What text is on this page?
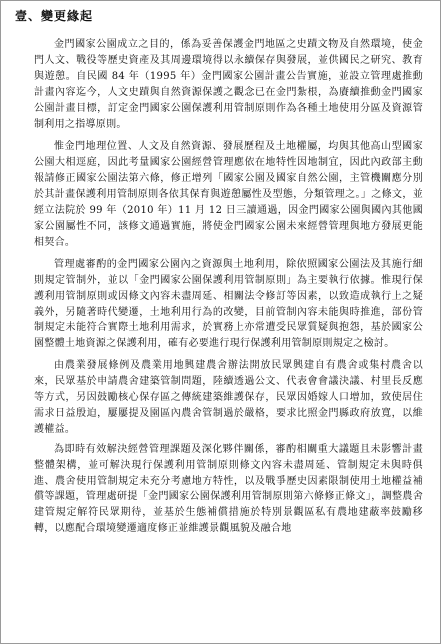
壹、變更緣起

金門國家公園成立之目的，係為妥善保護金門地區之史蹟文物及自然環境，使金門人文、戰役等歷史資產及其周邊環境得以永續保存與發展，並供國民之研究、教育與遊憩。自民國 84 年（1995 年）金門國家公園計畫公告實施，並設立管理處推動計畫內容迄今，人文史蹟與自然資源保護之觀念已在金門紮根，為賡續推動金門國家公園計畫目標，訂定金門國家公園保護利用管制原則作為各種土地使用分區及資源管制利用之指導原則。

惟金門地理位置、人文及自然資源、發展歷程及土地權屬，均與其他高山型國家公園大相逕庭，因此考量國家公園經營管理應依在地特性因地制宜，因此內政部主動報請修正國家公園法第六條，修正增列「國家公園及國家自然公園，主管機關應分別於其計畫保護利用管制原則各依其保育與遊憩屬性及型態，分類管理之。」之條文，並經立法院於 99 年（2010 年）11 月 12 日三讀通過，因金門國家公園與國內其他國家公園屬性不同，該修文通過實施，將使金門國家公園未來經營管理與地方發展更能相契合。

管理處審酌的金門國家公園內之資源與土地利用，除依照國家公園法及其施行細則規定管制外，並以「金門國家公園保護利用管制原則」為主要執行依據。惟現行保護利用管制原則或因條文內容未盡周延、相關法令修訂等因素，以致造成執行上之疑義外，另隨著時代變遷，土地利用行為的改變，目前管制內容未能與時推進，部份管制規定未能符合實際土地利用需求，於實務上亦常遭受民眾質疑與抱怨，基於國家公園整體土地資源之保護利用，確有必要進行現行保護利用管制原則規定之檢討。

由農業發展條例及農業用地興建農舍辦法開放民眾興建自有農舍或集村農舍以來，民眾基於申請農舍建築管制問題，陸續透過公文、代表會會議決議、村里長反應等方式，另因鼓勵核心保存區之傳統建築維護保存，民眾因婚嫁人口增加，致使居住需求日益殷迫，屢屢提及園區內農舍管制過於嚴格，要求比照金門縣政府放寬，以維護權益。

為即時有效解決經營管理課題及深化夥伴關係，審酌相關重大議題且未影響計畫整體架構，並可解決現行保護利用管制原則條文內容未盡周延、管制規定未與時俱進、農舍使用管制規定未充分考慮地方特性，以及戰爭歷史因素限制使用土地權益補償等課題，管理處研提「金門國家公園保護利用管制原則第六條修正條文」，調整農舍建管規定解符民眾期待，並基於生態補償措施於特別景觀區私有農地建蔽率鼓勵移轉，以應配合環境變遷適度修正並維護景觀風貌及融合地
